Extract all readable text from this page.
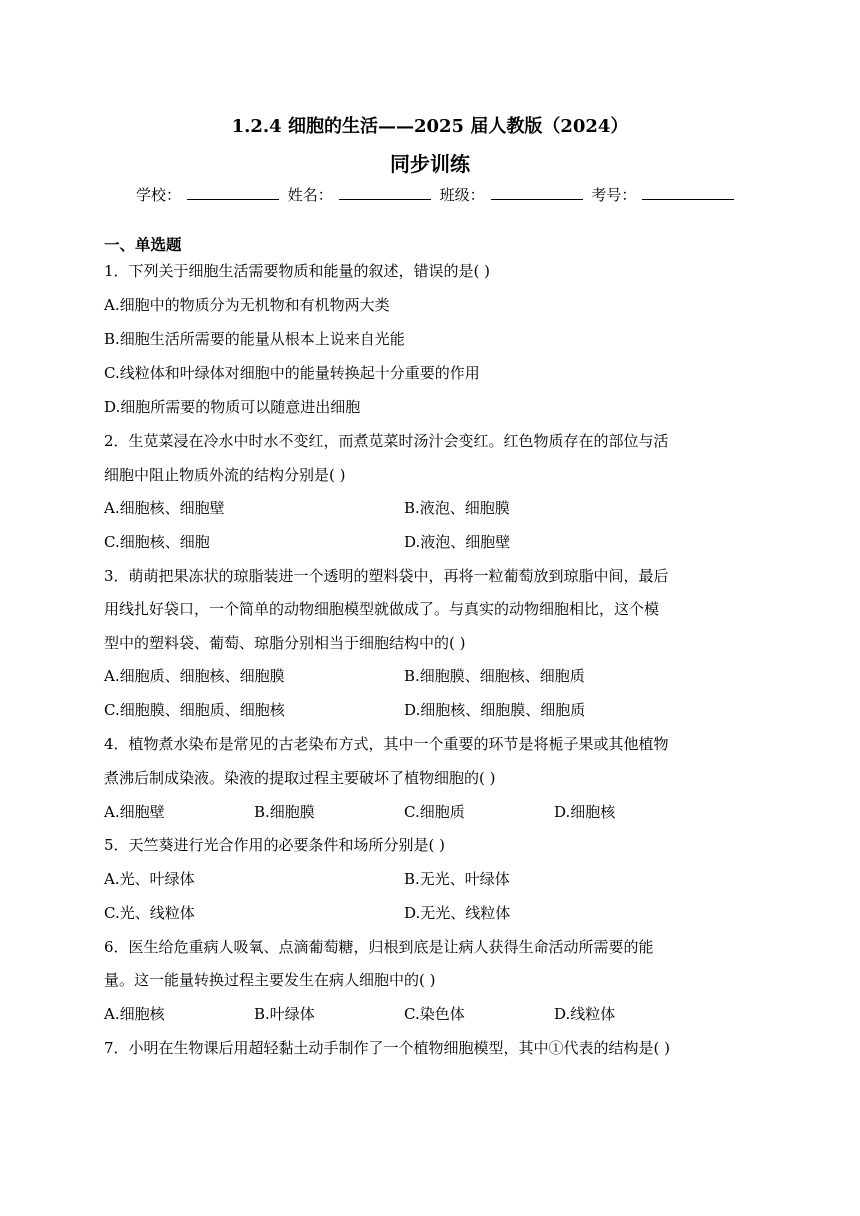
1.2.4 细胞的生活——2025 届人教版（2024）
同步训练
学校：	姓名：	班级：	考号：
一、单选题
1．下列关于细胞生活需要物质和能量的叙述，错误的是( )
A.细胞中的物质分为无机物和有机物两大类
B.细胞生活所需要的能量从根本上说来自光能
C.线粒体和叶绿体对细胞中的能量转换起十分重要的作用
D.细胞所需要的物质可以随意进出细胞
2．生苋菜浸在冷水中时水不变红，而煮苋菜时汤汁会变红。红色物质存在的部位与活
细胞中阻止物质外流的结构分别是( )
A.细胞核、细胞壁	B.液泡、细胞膜
C.细胞核、细胞	D.液泡、细胞壁
3．萌萌把果冻状的琼脂装进一个透明的塑料袋中，再将一粒葡萄放到琼脂中间，最后
用线扎好袋口，一个简单的动物细胞模型就做成了。与真实的动物细胞相比，这个模
型中的塑料袋、葡萄、琼脂分别相当于细胞结构中的( )
A.细胞质、细胞核、细胞膜	B.细胞膜、细胞核、细胞质
C.细胞膜、细胞质、细胞核	D.细胞核、细胞膜、细胞质
4．植物煮水染布是常见的古老染布方式，其中一个重要的环节是将栀子果或其他植物
煮沸后制成染液。染液的提取过程主要破坏了植物细胞的( )
A.细胞壁	B.细胞膜	C.细胞质	D.细胞核
5．天竺葵进行光合作用的必要条件和场所分别是( )
A.光、叶绿体	B.无光、叶绿体
C.光、线粒体	D.无光、线粒体
6．医生给危重病人吸氧、点滴葡萄糖，归根到底是让病人获得生命活动所需要的能
量。这一能量转换过程主要发生在病人细胞中的( )
A.细胞核	B.叶绿体	C.染色体	D.线粒体
7．小明在生物课后用超轻黏土动手制作了一个植物细胞模型，其中①代表的结构是( )
